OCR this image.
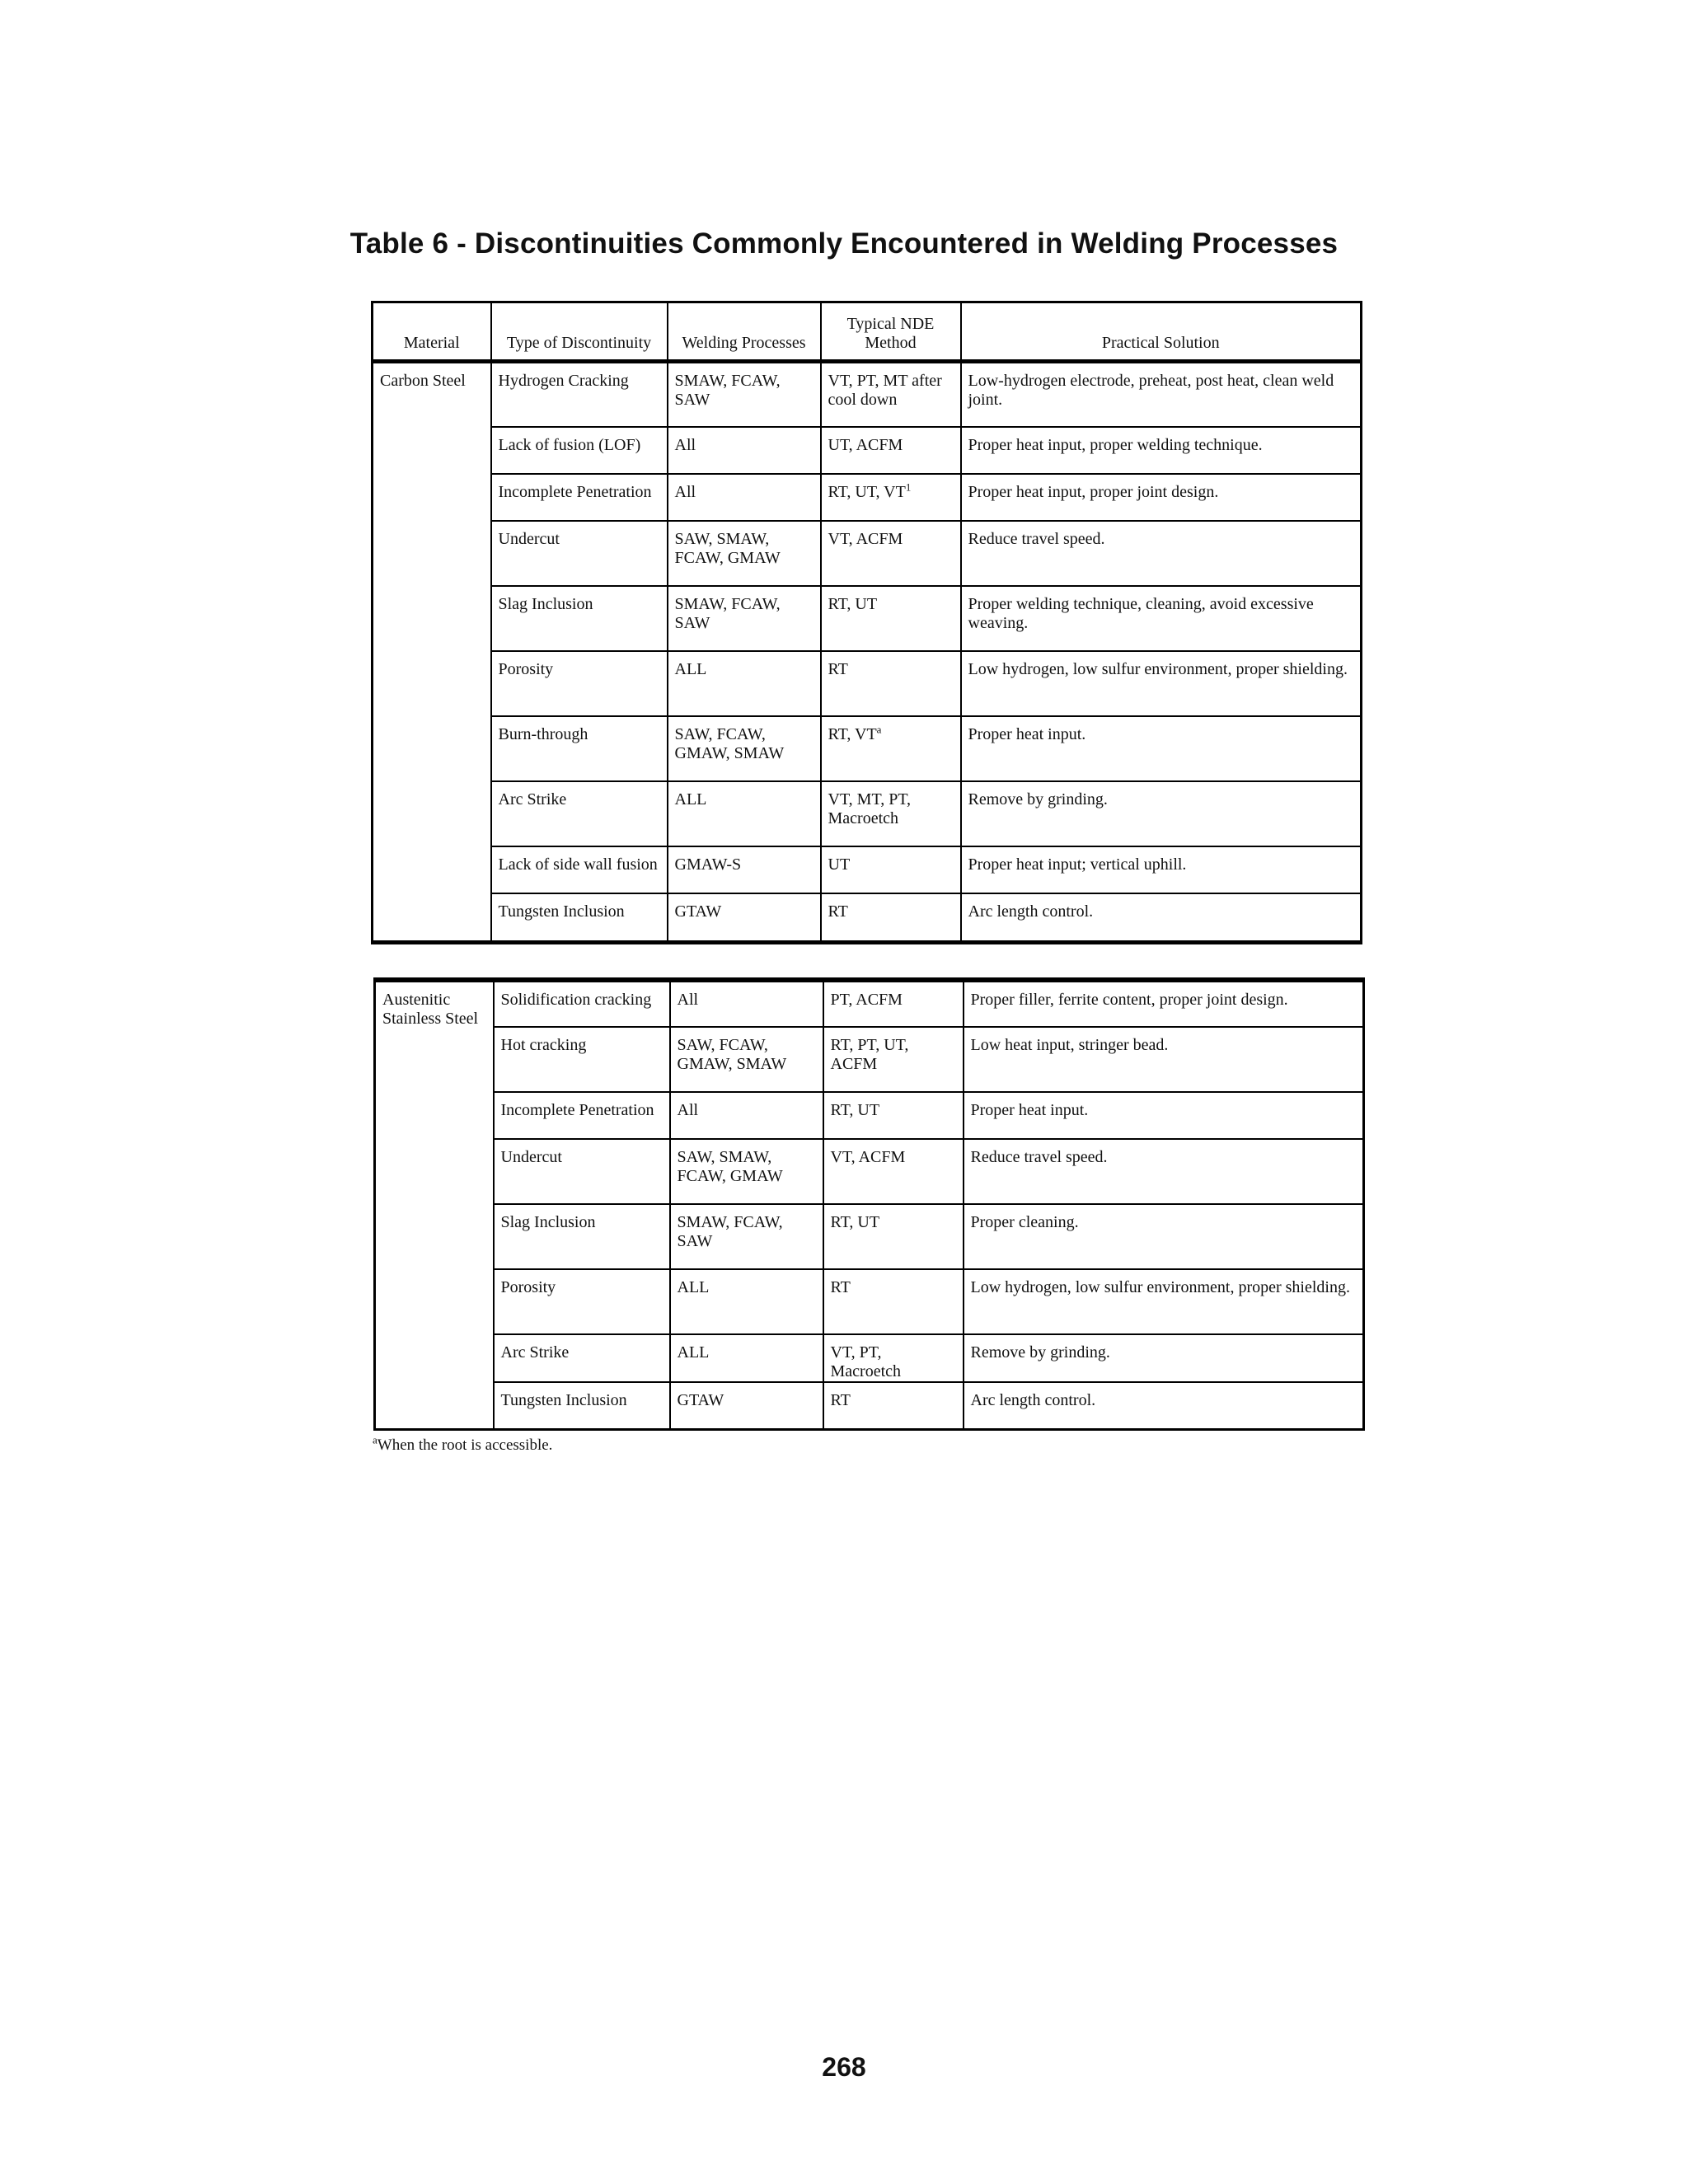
Table 6 - Discontinuities Commonly Encountered in Welding Processes
Material	Type of Discontinuity	Welding Processes	Typical NDE Method	Practical Solution
Carbon Steel	Hydrogen Cracking	SMAW, FCAW, SAW	VT, PT, MT after cool down	Low-hydrogen electrode, preheat, post heat, clean weld joint.
	Lack of fusion (LOF)	All	UT, ACFM	Proper heat input, proper welding technique.
	Incomplete Penetration	All	RT, UT, $VT^1$	Proper heat input, proper joint design.
	Undercut	SAW, SMAW, FCAW, GMAW	VT, ACFM	Reduce travel speed.
	Slag Inclusion	SMAW, FCAW, SAW	RT, UT	Proper welding technique, cleaning, avoid excessive weaving.
	Porosity	ALL	RT	Low hydrogen, low sulfur environment, proper shielding.
	Burn-through	SAW, FCAW, GMAW, SMAW	RT, $VT^a$	Proper heat input.
	Arc Strike	ALL	VT, MT, PT, Macroetch	Remove by grinding.
	Lack of side wall fusion	GMAW-S	UT	Proper heat input; vertical uphill.
	Tungsten Inclusion	GTAW	RT	Arc length control.
Austenitic Stainless Steel	Solidification cracking	All	PT, ACFM	Proper filler, ferrite content, proper joint design.
	Hot cracking	SAW, FCAW, GMAW, SMAW	RT, PT, UT, ACFM	Low heat input, stringer bead.
	Incomplete Penetration	All	RT, UT	Proper heat input.
	Undercut	SAW, SMAW, FCAW, GMAW	VT, ACFM	Reduce travel speed.
	Slag Inclusion	SMAW, FCAW, SAW	RT, UT	Proper cleaning.
	Porosity	ALL	RT	Low hydrogen, low sulfur environment, proper shielding.
	Arc Strike	ALL	VT, PT, Macroetch	Remove by grinding.
	Tungsten Inclusion	GTAW	RT	Arc length control.
$^a$When the root is accessible.
268
